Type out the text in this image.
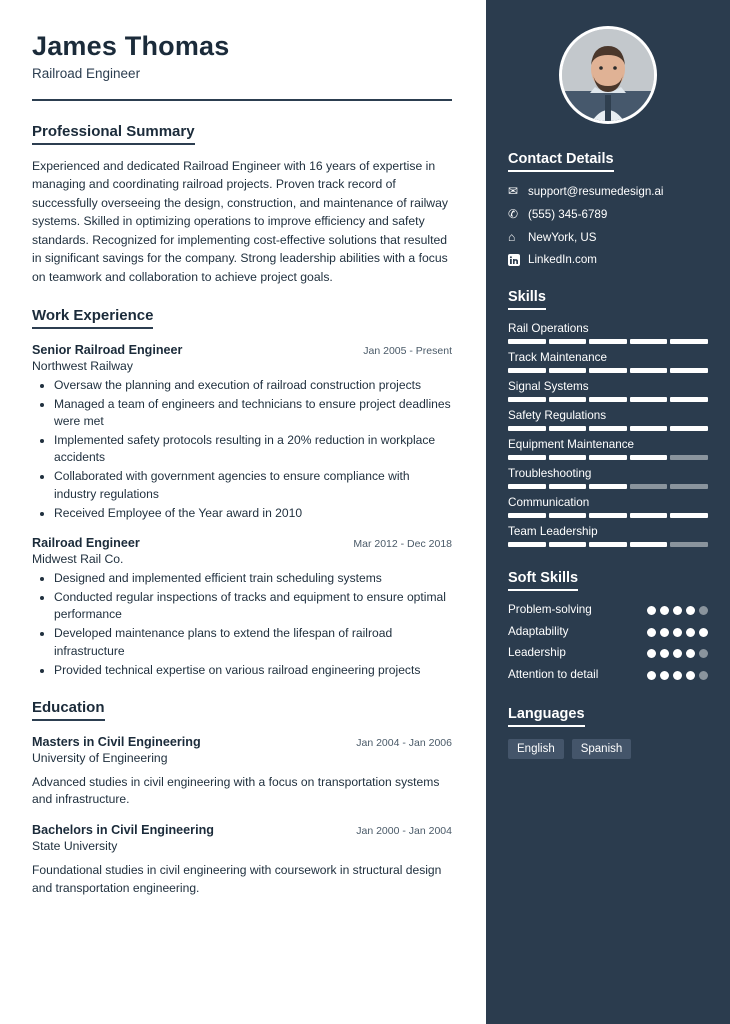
James Thomas
Railroad Engineer
Professional Summary

Experienced and dedicated Railroad Engineer with 16 years of expertise in managing and coordinating railroad projects. Proven track record of successfully overseeing the design, construction, and maintenance of railway systems. Skilled in optimizing operations to improve efficiency and safety standards. Recognized for implementing cost-effective solutions that resulted in significant savings for the company. Strong leadership abilities with a focus on teamwork and collaboration to achieve project goals.

Work Experience
Senior Railroad Engineer	Jan 2005 - Present
Northwest Railway
• Oversaw the planning and execution of railroad construction projects
• Managed a team of engineers and technicians to ensure project deadlines were met
• Implemented safety protocols resulting in a 20% reduction in workplace accidents
• Collaborated with government agencies to ensure compliance with industry regulations
• Received Employee of the Year award in 2010
Railroad Engineer	Mar 2012 - Dec 2018
Midwest Rail Co.
• Designed and implemented efficient train scheduling systems
• Conducted regular inspections of tracks and equipment to ensure optimal performance
• Developed maintenance plans to extend the lifespan of railroad infrastructure
• Provided technical expertise on various railroad engineering projects
Education
Masters in Civil Engineering	Jan 2004 - Jan 2006
University of Engineering

Advanced studies in civil engineering with a focus on transportation systems and infrastructure.

Bachelors in Civil Engineering	Jan 2000 - Jan 2004
State University

Foundational studies in civil engineering with coursework in structural design and transportation engineering.

Contact Details
✉ support@resumedesign.ai
✆ (555) 345-6789
⌂	NewYork, US
LinkedIn.com
Skills
Rail Operations
Track Maintenance
Signal Systems
Safety Regulations
Equipment Maintenance
Troubleshooting
Communication
Team Leadership
Soft Skills
Problem-solving
Adaptability
Leadership
Attention to detail
Languages
English	Spanish
